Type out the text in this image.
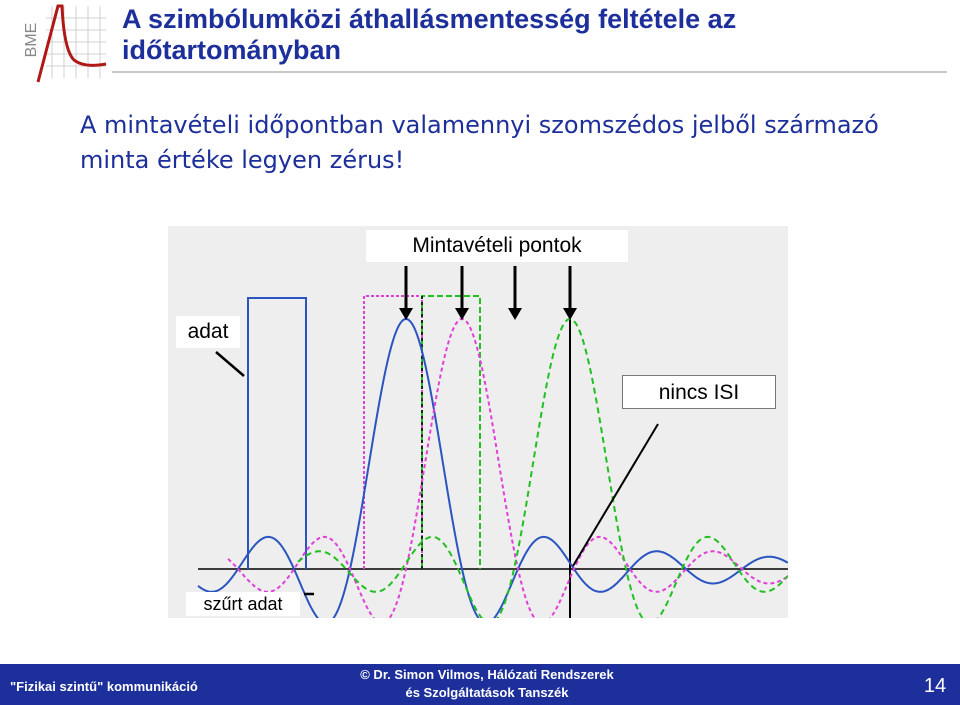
BME
A szimbólumközi áthallásmentesség feltétele az időtartományban
A mintavételi időpontban valamennyi szomszédos jelből származó minta értéke legyen zérus!
Mintavételi pontok
adat
nincs ISI
szűrt adat
"Fizikai szintű" kommunikáció
© Dr. Simon Vilmos, Hálózati Rendszerek és Szolgáltatások Tanszék	14
